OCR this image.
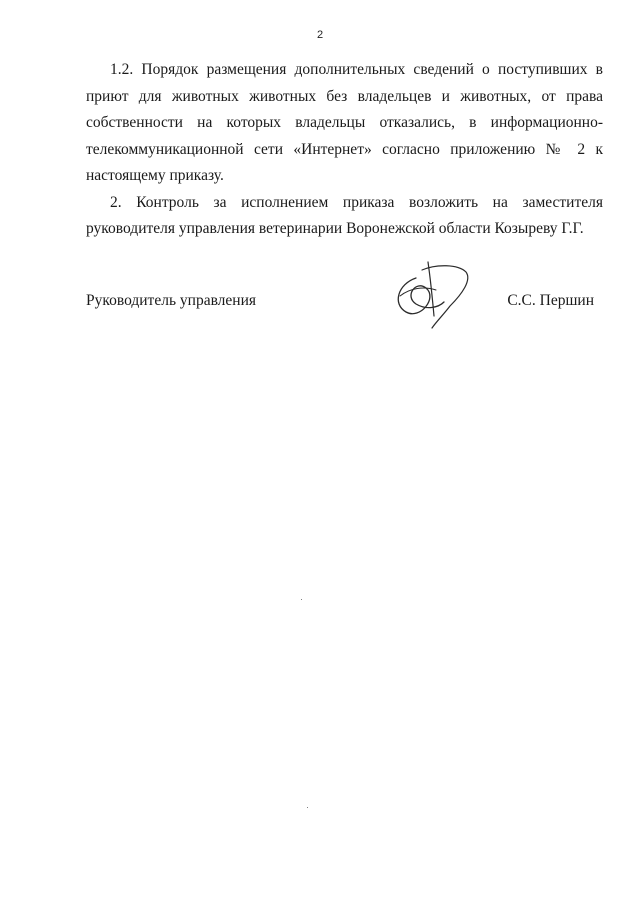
2

1.2. Порядок размещения дополнительных сведений о поступивших в приют для животных животных без владельцев и животных, от права собственности на которых владельцы отказались, в информационно-телекоммуникационной сети «Интернет» согласно приложению № 2 к настоящему приказу.

2. Контроль за исполнением приказа возложить на заместителя руководителя управления ветеринарии Воронежской области Козыреву Г.Г.

Руководитель управления	С.С. Першин
